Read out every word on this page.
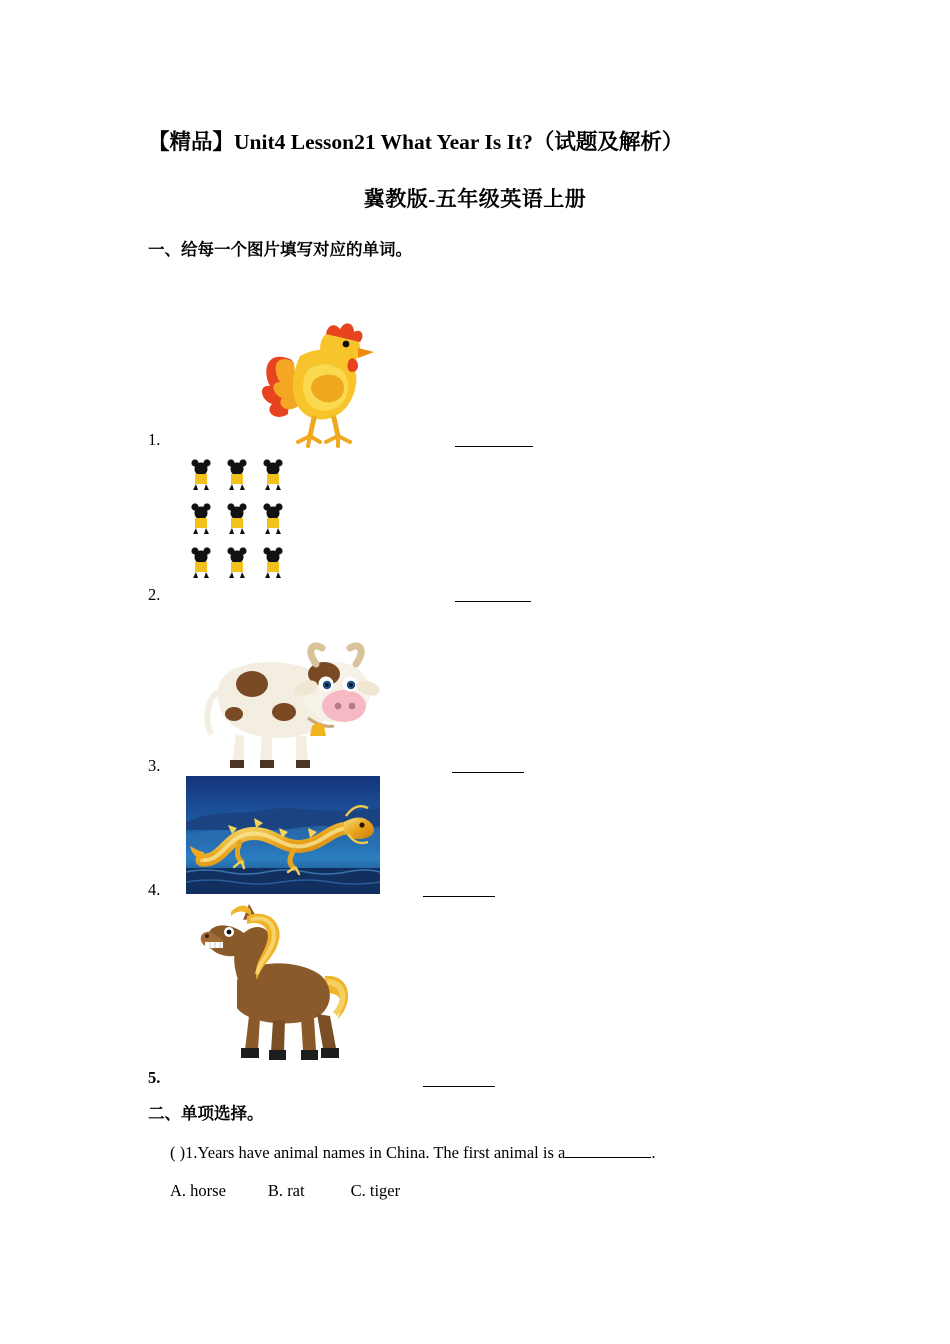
【精品】Unit4 Lesson21 What Year Is It?（试题及解析）
冀教版-五年级英语上册
一、给每一个图片填写对应的单词。
1.
2.
3.
4.
5.
二、单项选择。
( )1.Years have animal names in China. The first animal is a	.
A. horse	B. rat	C. tiger
